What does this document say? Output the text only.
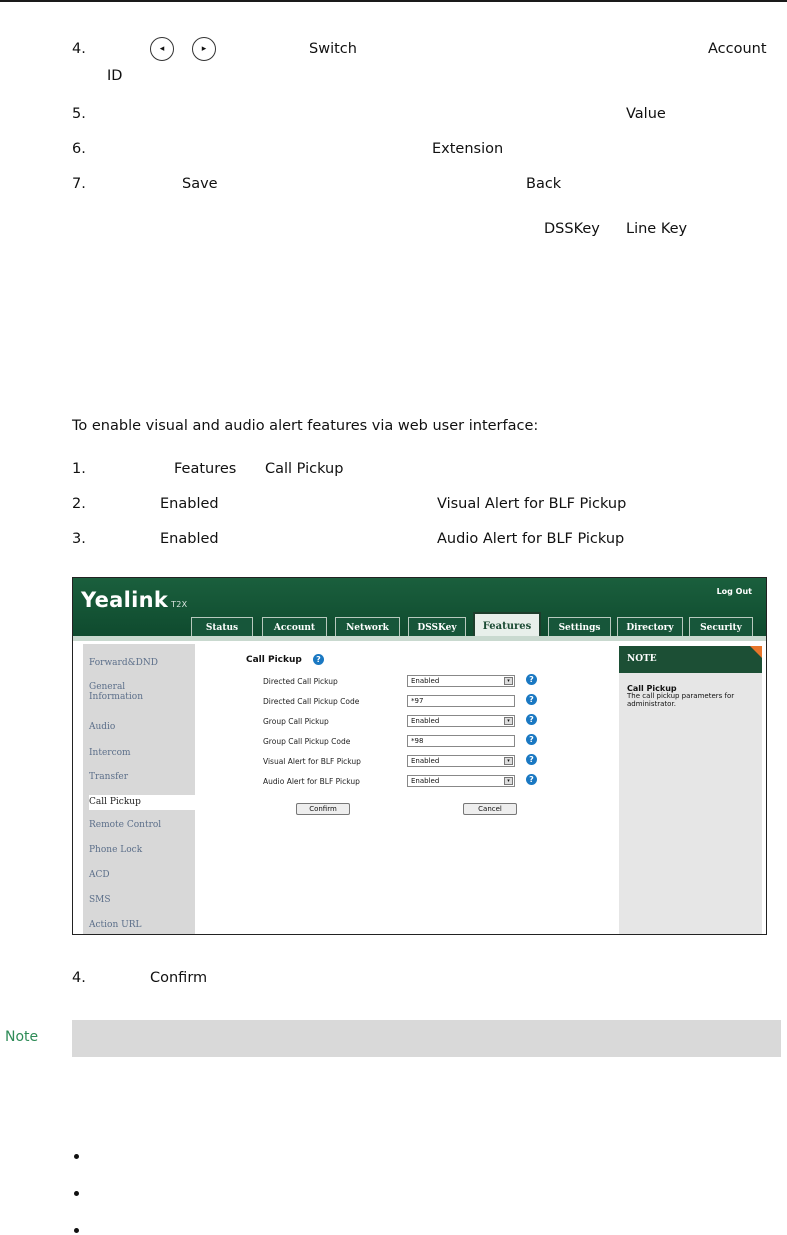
4.	◂	▸	Switch	Account
ID
5.	Value
6.	Extension
7.	Save	Back
DSSKey Line Key
To enable visual and audio alert features via web user interface:
1.	Features Call Pickup
2.	Enabled	Visual Alert for BLF Pickup
3.	Enabled	Audio Alert for BLF Pickup
Yealink T2X
Log Out
Status	Account	Network	DSSKey	Features	Settings	Directory	Security
Forward&DND
General Information
Audio
Intercom
Transfer
Call Pickup
Remote Control
Phone Lock
ACD
SMS
Action URL
Call Pickup	?
Directed Call Pickup	Enabled	▾	?
Directed Call Pickup Code	*97	?
Group Call Pickup	Enabled	▾	?
Group Call Pickup Code	*98	?
Visual Alert for BLF Pickup	Enabled	▾	?
Audio Alert for BLF Pickup	Enabled	▾	?
Confirm	Cancel
NOTE
Call Pickup
The call pickup parameters for administrator.
4.	Confirm
Note
